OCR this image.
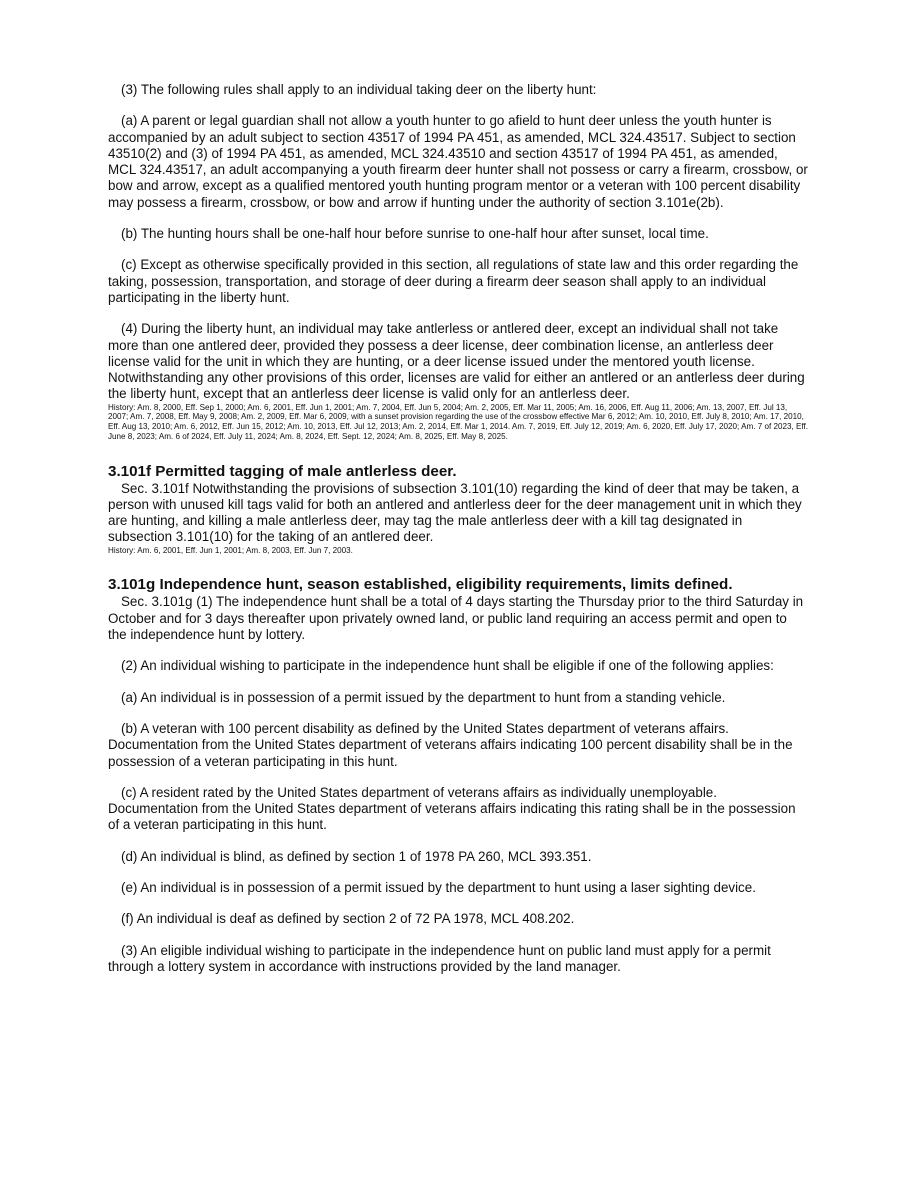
(3) The following rules shall apply to an individual taking deer on the liberty hunt:

(a) A parent or legal guardian shall not allow a youth hunter to go afield to hunt deer unless the youth hunter is accompanied by an adult subject to section 43517 of 1994 PA 451, as amended, MCL 324.43517. Subject to section 43510(2) and (3) of 1994 PA 451, as amended, MCL 324.43510 and section 43517 of 1994 PA 451, as amended, MCL 324.43517, an adult accompanying a youth firearm deer hunter shall not possess or carry a firearm, crossbow, or bow and arrow, except as a qualified mentored youth hunting program mentor or a veteran with 100 percent disability may possess a firearm, crossbow, or bow and arrow if hunting under the authority of section 3.101e(2b).

(b) The hunting hours shall be one-half hour before sunrise to one-half hour after sunset, local time.

(c) Except as otherwise specifically provided in this section, all regulations of state law and this order regarding the taking, possession, transportation, and storage of deer during a firearm deer season shall apply to an individual participating in the liberty hunt.

(4) During the liberty hunt, an individual may take antlerless or antlered deer, except an individual shall not take more than one antlered deer, provided they possess a deer license, deer combination license, an antlerless deer license valid for the unit in which they are hunting, or a deer license issued under the mentored youth license. Notwithstanding any other provisions of this order, licenses are valid for either an antlered or an antlerless deer during the liberty hunt, except that an antlerless deer license is valid only for an antlerless deer.

History: Am. 8, 2000, Eff. Sep 1, 2000; Am. 6, 2001, Eff. Jun 1, 2001; Am. 7, 2004, Eff. Jun 5, 2004; Am. 2, 2005, Eff. Mar 11, 2005; Am. 16, 2006, Eff. Aug 11, 2006; Am. 13, 2007, Eff. Jul 13, 2007; Am. 7, 2008, Eff. May 9, 2008; Am. 2, 2009, Eff. Mar 6, 2009, with a sunset provision regarding the use of the crossbow effective Mar 6, 2012; Am. 10, 2010, Eff. July 8, 2010; Am. 17, 2010, Eff. Aug 13, 2010; Am. 6, 2012, Eff. Jun 15, 2012; Am. 10, 2013, Eff. Jul 12, 2013; Am. 2, 2014, Eff. Mar 1, 2014. Am. 7, 2019, Eff. July 12, 2019; Am. 6, 2020, Eff. July 17, 2020; Am. 7 of 2023, Eff. June 8, 2023; Am. 6 of 2024, Eff. July 11, 2024; Am. 8, 2024, Eff. Sept. 12, 2024; Am. 8, 2025, Eff. May 8, 2025.

3.101f Permitted tagging of male antlerless deer.

Sec. 3.101f Notwithstanding the provisions of subsection 3.101(10) regarding the kind of deer that may be taken, a person with unused kill tags valid for both an antlered and antlerless deer for the deer management unit in which they are hunting, and killing a male antlerless deer, may tag the male antlerless deer with a kill tag designated in subsection 3.101(10) for the taking of an antlered deer.

History: Am. 6, 2001, Eff. Jun 1, 2001; Am. 8, 2003, Eff. Jun 7, 2003.

3.101g Independence hunt, season established, eligibility requirements, limits defined.

Sec. 3.101g (1) The independence hunt shall be a total of 4 days starting the Thursday prior to the third Saturday in October and for 3 days thereafter upon privately owned land, or public land requiring an access permit and open to the independence hunt by lottery.

(2) An individual wishing to participate in the independence hunt shall be eligible if one of the following applies:

(a) An individual is in possession of a permit issued by the department to hunt from a standing vehicle.

(b) A veteran with 100 percent disability as defined by the United States department of veterans affairs. Documentation from the United States department of veterans affairs indicating 100 percent disability shall be in the possession of a veteran participating in this hunt.

(c) A resident rated by the United States department of veterans affairs as individually unemployable. Documentation from the United States department of veterans affairs indicating this rating shall be in the possession of a veteran participating in this hunt.

(d) An individual is blind, as defined by section 1 of 1978 PA 260, MCL 393.351.

(e) An individual is in possession of a permit issued by the department to hunt using a laser sighting device.

(f) An individual is deaf as defined by section 2 of 72 PA 1978, MCL 408.202.

(3) An eligible individual wishing to participate in the independence hunt on public land must apply for a permit through a lottery system in accordance with instructions provided by the land manager.
